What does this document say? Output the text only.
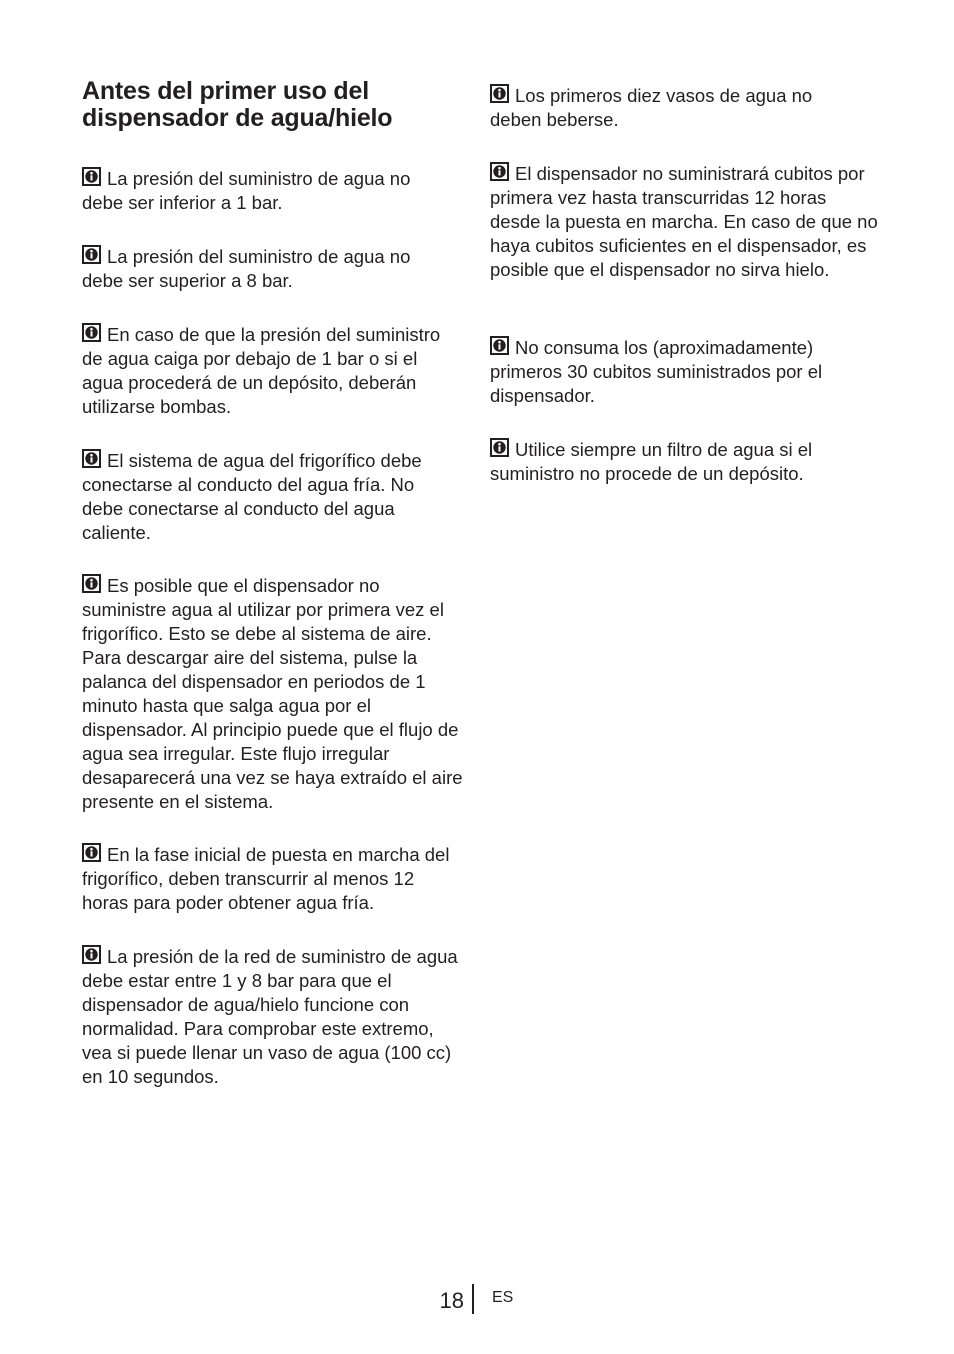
Antes del primer uso del dispensador de agua/hielo

La presión del suministro de agua no debe ser inferior a 1 bar.

La presión del suministro de agua no debe ser superior a 8 bar.

En caso de que la presión del suministro de agua caiga por debajo de 1 bar o si el agua procederá de un depósito, deberán utilizarse bombas.

El sistema de agua del frigorífico debe conectarse al conducto del agua fría. No debe conectarse al conducto del agua caliente.

Es posible que el dispensador no suministre agua al utilizar por primera vez el frigorífico. Esto se debe al sistema de aire. Para descargar aire del sistema, pulse la palanca del dispensador en periodos de 1 minuto hasta que salga agua por el dispensador. Al principio puede que el flujo de agua sea irregular. Este flujo irregular desaparecerá una vez se haya extraído el aire presente en el sistema.

En la fase inicial de puesta en marcha del frigorífico, deben transcurrir al menos 12 horas para poder obtener agua fría.

La presión de la red de suministro de agua debe estar entre 1 y 8 bar para que el dispensador de agua/hielo funcione con normalidad. Para comprobar este extremo, vea si puede llenar un vaso de agua (100 cc) en 10 segundos.

Los primeros diez vasos de agua no deben beberse.

El dispensador no suministrará cubitos por primera vez hasta transcurridas 12 horas desde la puesta en marcha. En caso de que no haya cubitos suficientes en el dispensador, es posible que el dispensador no sirva hielo.

No consuma los (aproximadamente) primeros 30 cubitos suministrados por el dispensador.

Utilice siempre un filtro de agua si el suministro no procede de un depósito.

18 ES
